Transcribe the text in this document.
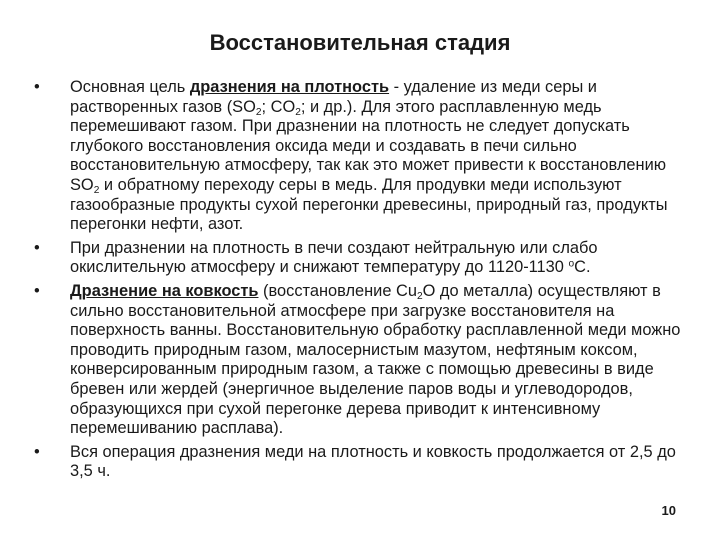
Восстановительная стадия
• Основная цель дразнения на плотность - удаление из меди серы и растворенных газов ($SO_2$; $CO_2$; и др.). Для этого расплавленную медь перемешивают газом. При дразнении на плотность не следует допускать глубокого восстановления оксида меди и создавать в печи сильно восстановительную атмосферу, так как это может привести к восстановлению $SO_2$ и обратному переходу серы в медь. Для продувки меди используют газообразные продукты сухой перегонки древесины, природный газ, продукты перегонки нефти, азот.
• При дразнении на плотность в печи создают нейтральную или слабо окислительную атмосферу и снижают температуру до 1120-1130 $^о$С.
• Дразнение на ковкость (восстановление $Cu_2O$ до металла) осуществляют в сильно восстановительной атмосфере при загрузке восстановителя на поверхность ванны. Восстановительную обработку расплавленной меди можно проводить природным газом, малосернистым мазутом, нефтяным коксом, конверсированным природным газом, а также с помощью древесины в виде бревен или жердей (энергичное выделение паров воды и углеводородов, образующихся при сухой перегонке дерева приводит к интенсивному перемешиванию расплава).
• Вся операция дразнения меди на плотность и ковкость продолжается от 2,5 до 3,5 ч.
10
